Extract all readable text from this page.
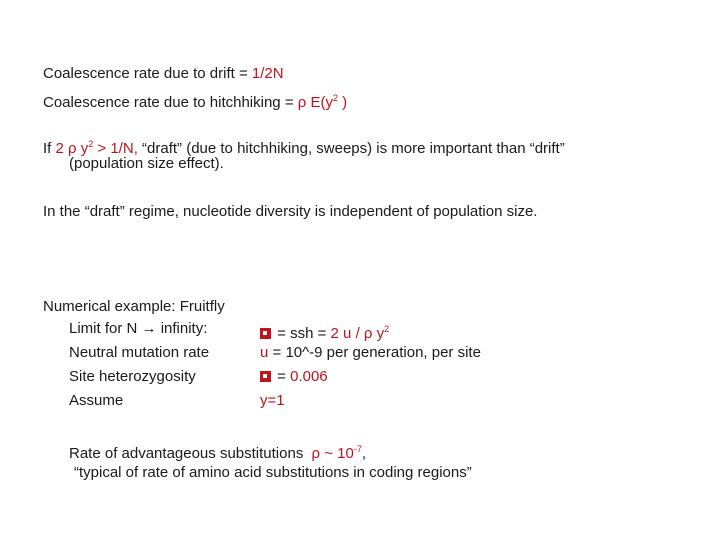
Coalescence rate due to drift = 1/2N
Coalescence rate due to hitchhiking = ρ $E(y^2$ )
If 2 ρ $y^2 > 1/N$, “draft” (due to hitchhiking, sweeps) is more important than “drift”
(population size effect).
In the “draft” regime, nucleotide diversity is independent of population size.
Numerical example: Fruitfly
Limit for N → infinity:
Neutral mutation rate
Site heterozygosity
Assume
= ssh = 2 u / ρ $y^2$
u = 10^-9 per generation, per site
= 0.006
y=1
Rate of advantageous substitutions ρ ~ $10^{-7}$,
“typical of rate of amino acid substitutions in coding regions”
